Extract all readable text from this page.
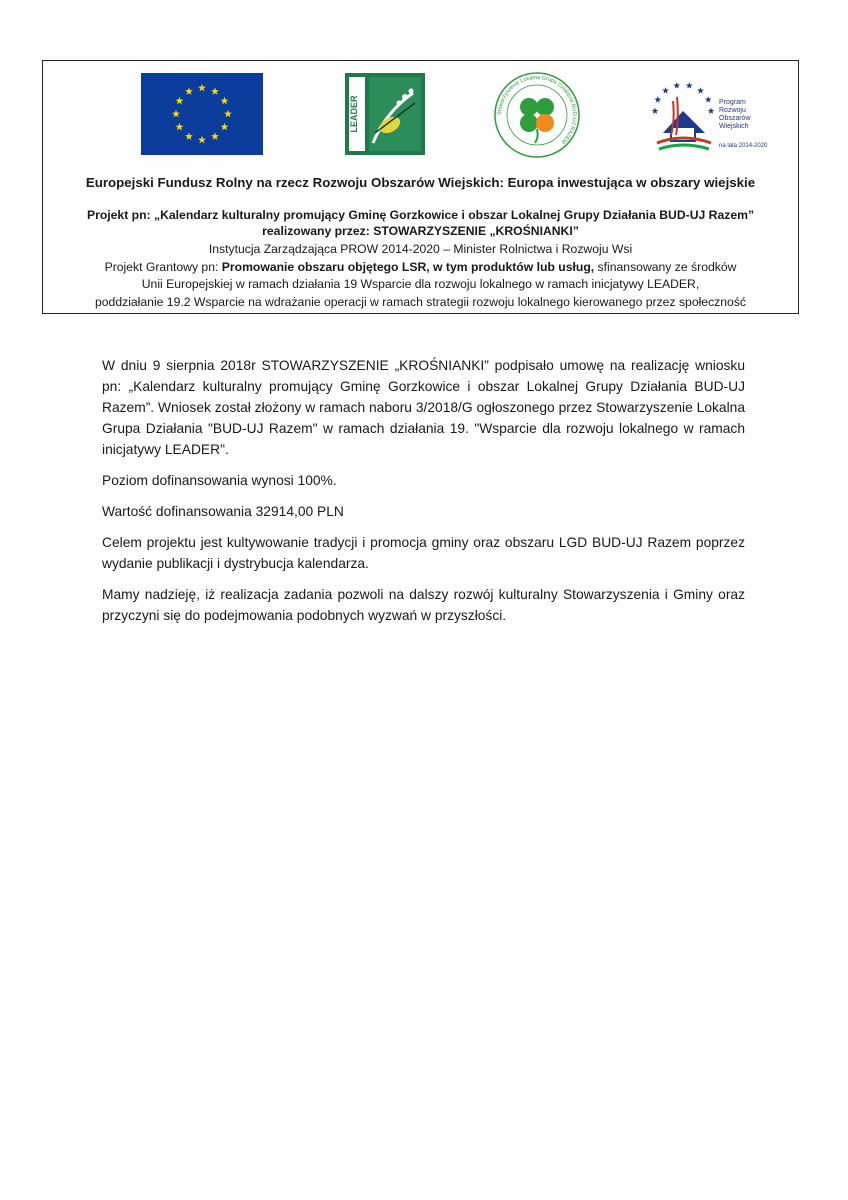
LEADER	Stowarzyszenie Lokalna Grupa Działania BUD-UJ RAZEM
Program
Rozwoju
Obszarów
Wiejskich
na lata 2014-2020
Europejski Fundusz Rolny na rzecz Rozwoju Obszarów Wiejskich: Europa inwestująca w obszary wiejskie
Projekt pn: „Kalendarz kulturalny promujący Gminę Gorzkowice i obszar Lokalnej Grupy Działania BUD-UJ Razem”
realizowany przez: STOWARZYSZENIE „KROŚNIANKI”
Instytucja Zarządzająca PROW 2014-2020 – Minister Rolnictwa i Rozwoju Wsi
Projekt Grantowy pn: Promowanie obszaru objętego LSR, w tym produktów lub usług, sfinansowany ze środków
Unii Europejskiej w ramach działania 19 Wsparcie dla rozwoju lokalnego w ramach inicjatywy LEADER,
poddziałanie 19.2 Wsparcie na wdrażanie operacji w ramach strategii rozwoju lokalnego kierowanego przez społeczność

W dniu 9 sierpnia 2018r STOWARZYSZENIE „KROŚNIANKI” podpisało umowę na realizację wniosku pn: „Kalendarz kulturalny promujący Gminę Gorzkowice i obszar Lokalnej Grupy Działania BUD-UJ Razem”. Wniosek został złożony w ramach naboru 3/2018/G ogłoszonego przez Stowarzyszenie Lokalna Grupa Działania "BUD-UJ Razem" w ramach działania 19. "Wsparcie dla rozwoju lokalnego w ramach inicjatywy LEADER".

Poziom dofinansowania wynosi 100%.

Wartość dofinansowania 32914,00 PLN

Celem projektu jest kultywowanie tradycji i promocja gminy oraz obszaru LGD BUD-UJ Razem poprzez wydanie publikacji i dystrybucja kalendarza.

Mamy nadzieję, iż realizacja zadania pozwoli na dalszy rozwój kulturalny Stowarzyszenia i Gminy oraz przyczyni się do podejmowania podobnych wyzwań w przyszłości.
